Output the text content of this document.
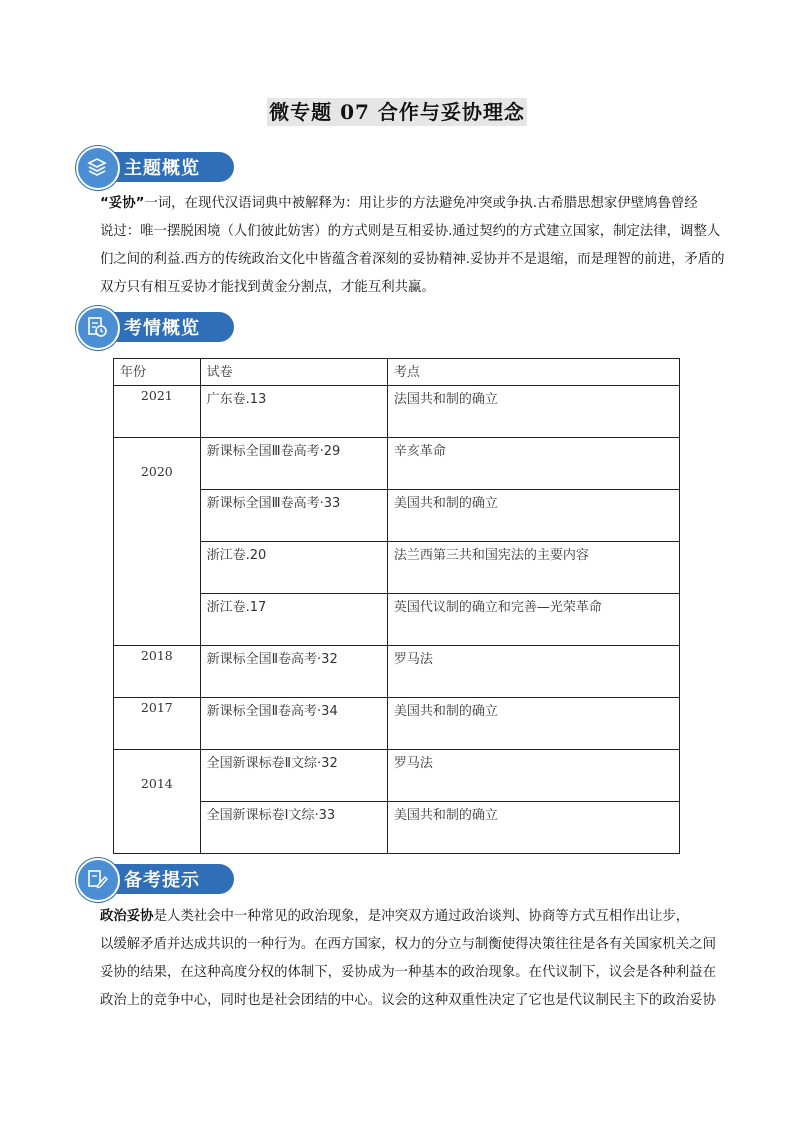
微专题 07 合作与妥协理念
主题概览
“妥协”一词，在现代汉语词典中被解释为：用让步的方法避免冲突或争执.古希腊思想家伊壁鸠鲁曾经
说过：唯一摆脱困境（人们彼此妨害）的方式则是互相妥协.通过契约的方式建立国家，制定法律，调整人
们之间的利益.西方的传统政治文化中皆蕴含着深刻的妥协精神.妥协并不是退缩，而是理智的前进，矛盾的
双方只有相互妥协才能找到黄金分割点，才能互利共赢。
考情概览
年份	试卷	考点
2021	广东卷.13	法国共和制的确立
2020	新课标全国Ⅲ卷高考·29	辛亥革命
	新课标全国Ⅲ卷高考·33	美国共和制的确立
	浙江卷.20	法兰西第三共和国宪法的主要内容
	浙江卷.17	英国代议制的确立和完善—光荣革命
2018	新课标全国Ⅱ卷高考·32	罗马法
2017	新课标全国Ⅱ卷高考·34	美国共和制的确立
2014	全国新课标卷Ⅱ文综·32	罗马法
	全国新课标卷Ⅰ文综·33	美国共和制的确立
备考提示
政治妥协是人类社会中一种常见的政治现象，是冲突双方通过政治谈判、协商等方式互相作出让步，
以缓解矛盾并达成共识的一种行为。在西方国家，权力的分立与制衡使得决策往往是各有关国家机关之间
妥协的结果，在这种高度分权的体制下，妥协成为一种基本的政治现象。在代议制下，议会是各种利益在
政治上的竞争中心，同时也是社会团结的中心。议会的这种双重性决定了它也是代议制民主下的政治妥协
